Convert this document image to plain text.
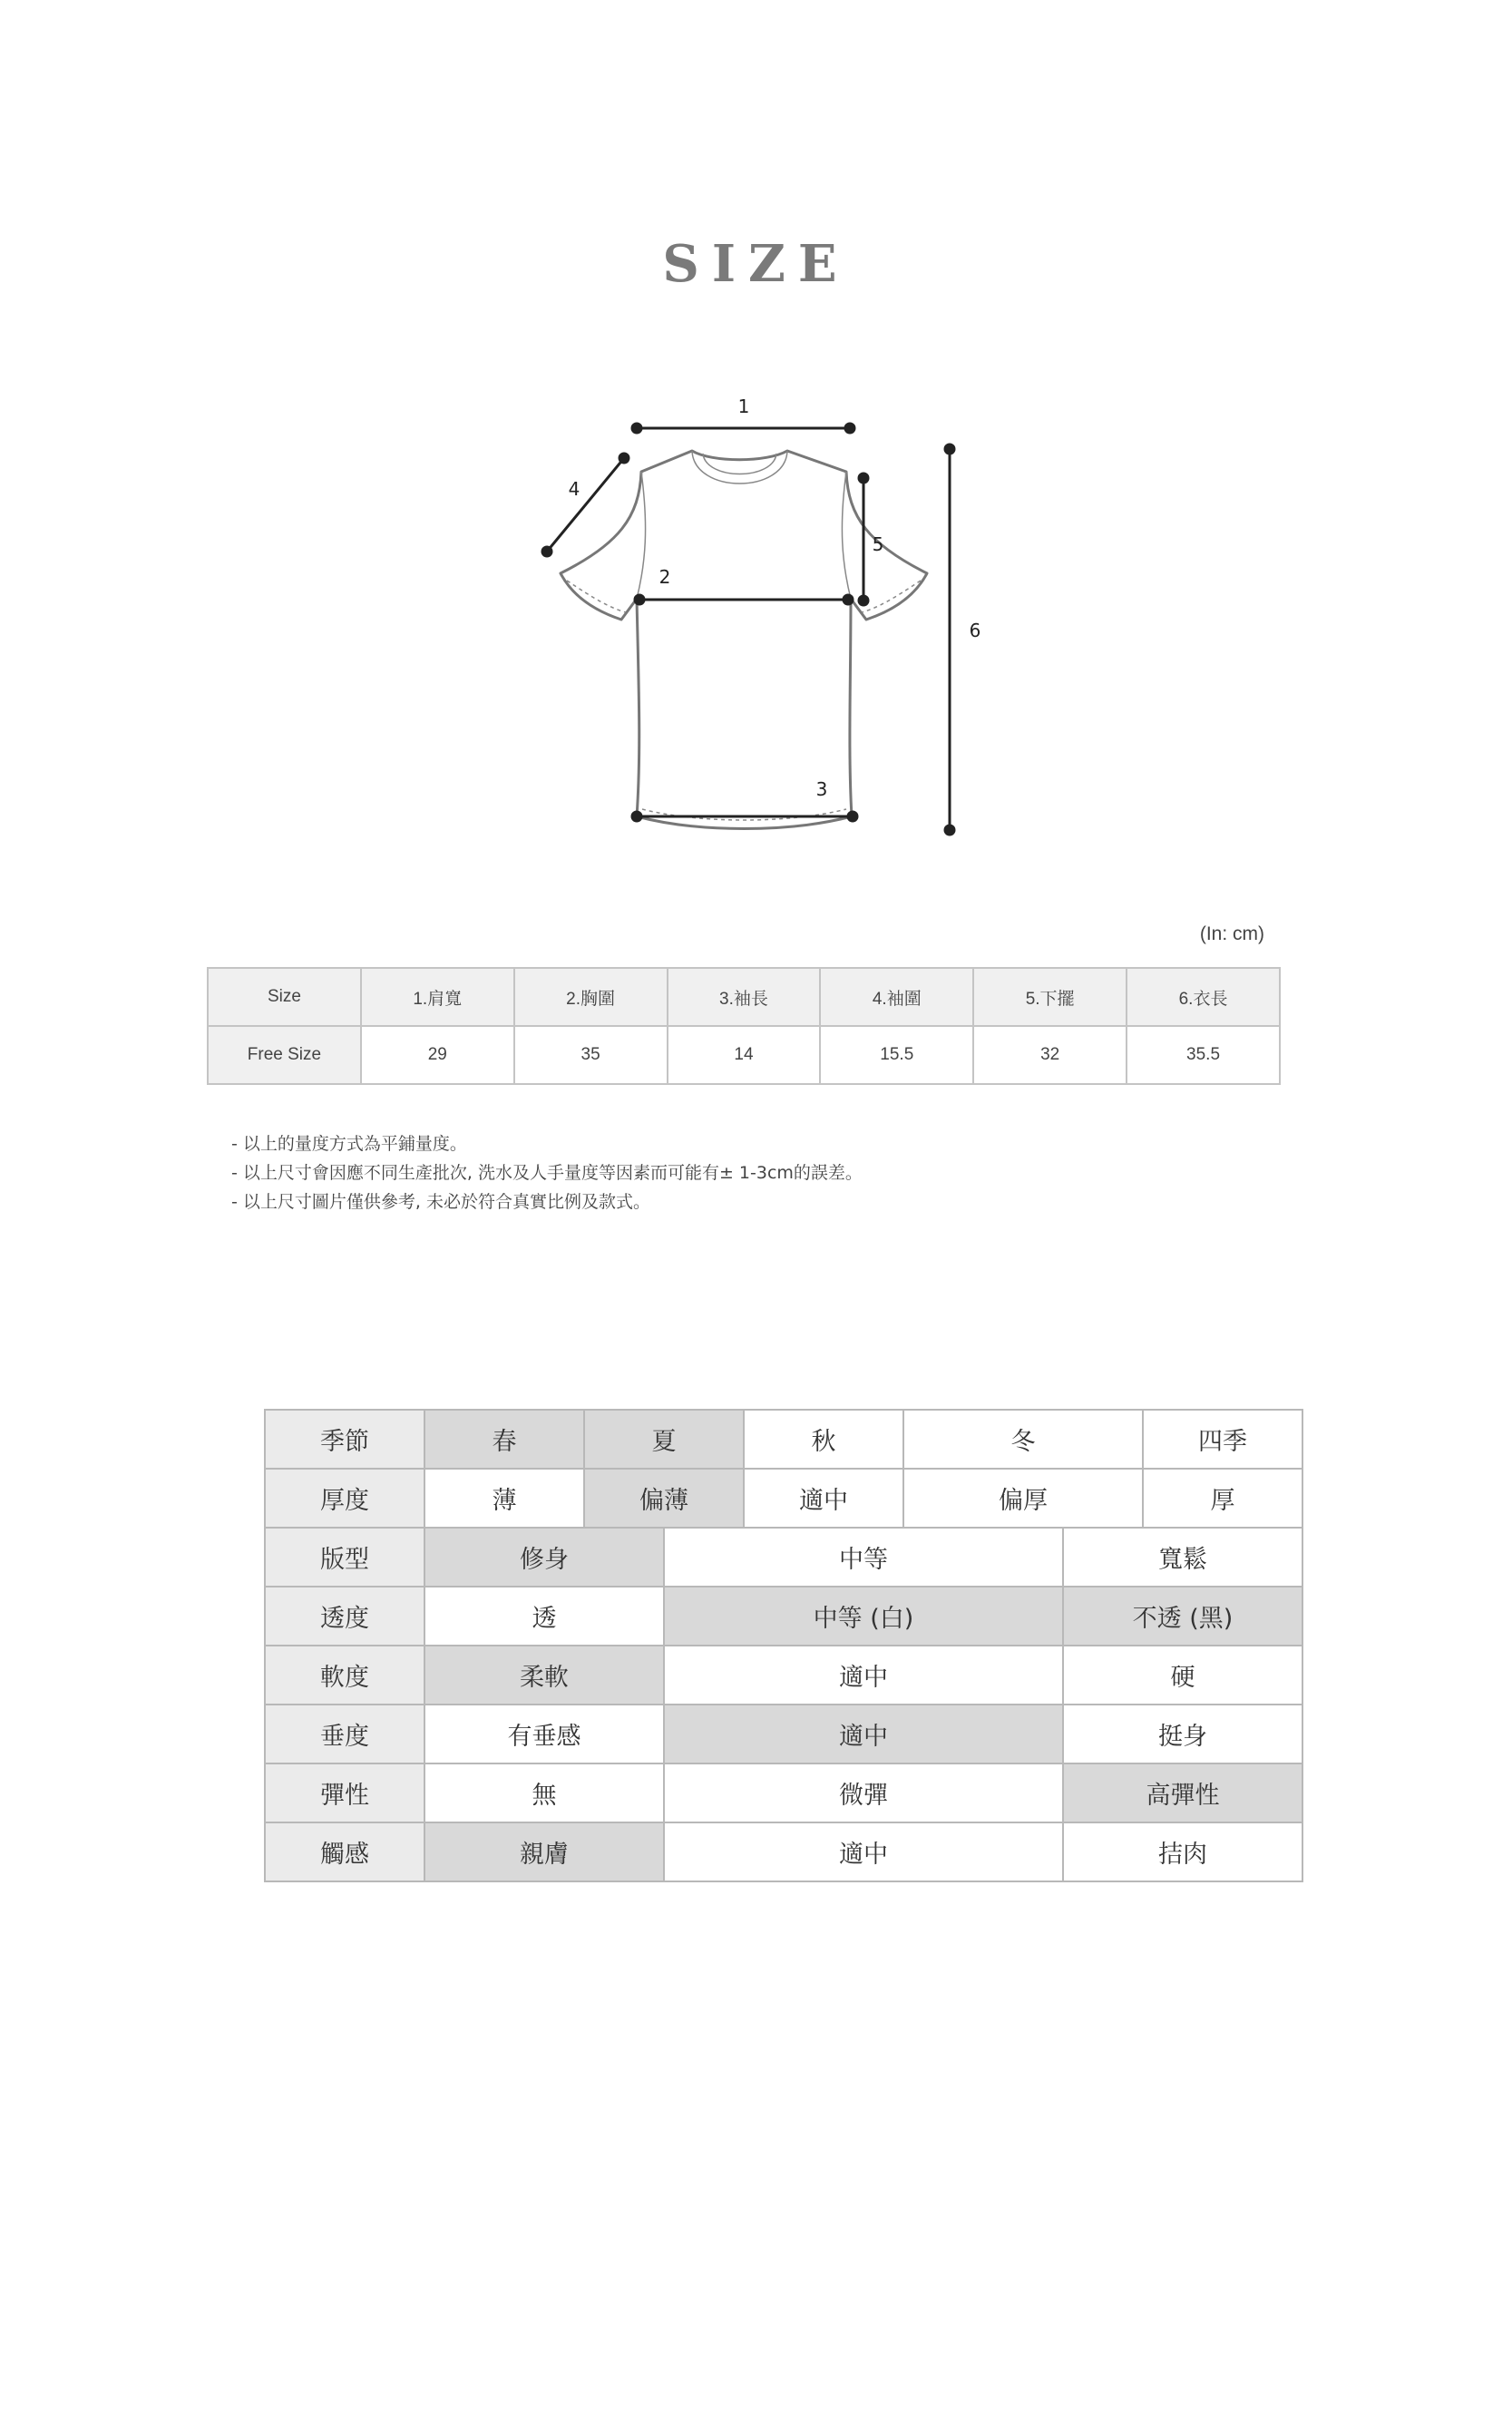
SIZE
1
2
3
4
5
6
(In: cm)
Size	1.肩寬	2.胸圍	3.袖長	4.袖圍	5.下擺	6.衣長
Free Size	29	35	14	15.5	32	35.5
- 以上的量度方式為平鋪量度。
- 以上尺寸會因應不同生產批次, 洗水及人手量度等因素而可能有± 1-3cm的誤差。
- 以上尺寸圖片僅供參考, 未必於符合真實比例及款式。
季節	春	夏		秋	冬		四季
厚度	薄	偏薄		適中	偏厚		厚
版型	修身		中等			寬鬆	
透度	透		中等 (白)			不透 (黑)	
軟度	柔軟		適中			硬	
垂度	有垂感		適中			挺身	
彈性	無		微彈			高彈性	
觸感	親膚		適中			拮肉	
